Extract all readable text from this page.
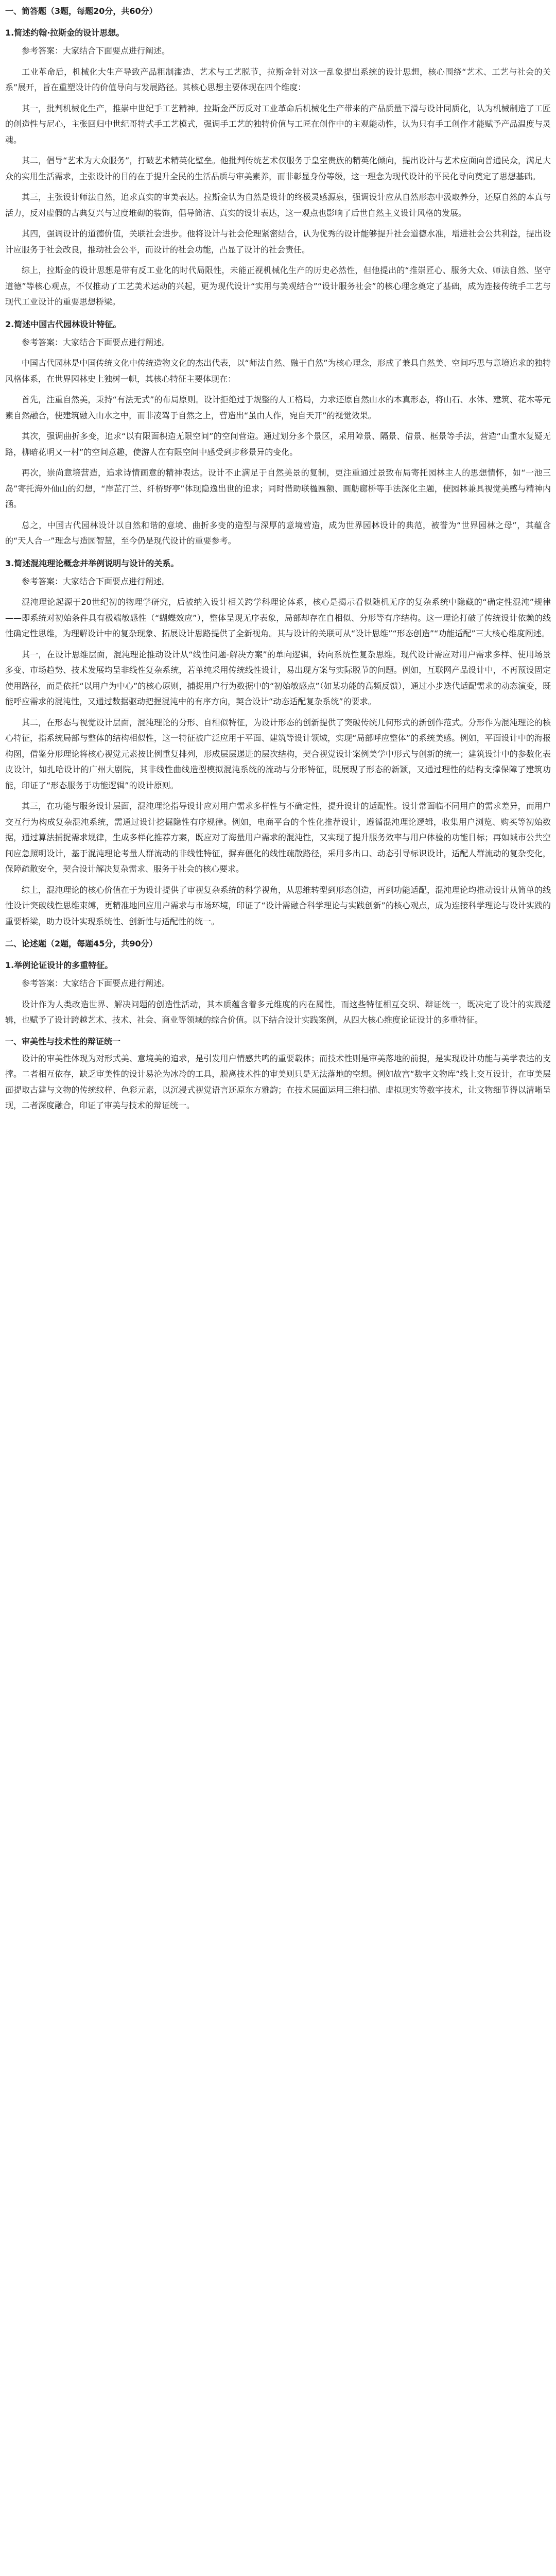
一、简答题（3题，每题20分，共60分）
1.简述约翰·拉斯金的设计思想。

参考答案：大家结合下面要点进行阐述。

工业革命后，机械化大生产导致产品粗制滥造、艺术与工艺脱节，拉斯金针对这一乱象提出系统的设计思想，核心围绕“艺术、工艺与社会的关系”展开，旨在重塑设计的价值导向与发展路径。其核心思想主要体现在四个维度：

其一，批判机械化生产，推崇中世纪手工艺精神。拉斯金严厉反对工业革命后机械化生产带来的产品质量下滑与设计同质化，认为机械制造了工匠的创造性与尼心，主张回归中世纪哥特式手工艺模式，强调手工艺的独特价值与工匠在创作中的主观能动性，认为只有手工创作才能赋予产品温度与灵魂。

其二，倡导“艺术为大众服务”，打破艺术精英化壁垒。他批判传统艺术仅服务于皇室贵族的精英化倾向，提出设计与艺术应面向普通民众，满足大众的实用生活需求，主张设计的目的在于提升全民的生活品质与审美素养，而非彰显身份等级，这一理念为现代设计的平民化导向奠定了思想基础。

其三，主张设计师法自然，追求真实的审美表达。拉斯金认为自然是设计的终极灵感源泉，强调设计应从自然形态中汲取养分，还原自然的本真与活力，反对虚假的古典复兴与过度堆砌的装饰，倡导简洁、真实的设计表达，这一观点也影响了后世自然主义设计风格的发展。

其四，强调设计的道德价值，关联社会进步。他将设计与社会伦理紧密结合，认为优秀的设计能够提升社会道德水准，增进社会公共利益，提出设计应服务于社会改良，推动社会公平，而设计的社会功能，凸显了设计的社会责任。

综上，拉斯金的设计思想是带有反工业化的时代局限性，未能正视机械化生产的历史必然性，但他提出的“推崇匠心、服务大众、师法自然、坚守道德”等核心观点，不仅推动了工艺美术运动的兴起，更为现代设计“实用与美观结合”“设计服务社会”的核心理念奠定了基础，成为连接传统手工艺与现代工业设计的重要思想桥梁。

2.简述中国古代园林设计特征。

参考答案：大家结合下面要点进行阐述。

中国古代园林是中国传统文化中传统造物文化的杰出代表，以“师法自然、融于自然”为核心理念，形成了兼具自然美、空间巧思与意境追求的独特风格体系，在世界园林史上独树一帜，其核心特征主要体现在：

首先，注重自然美，秉持“有法无式”的布局原则。设计拒绝过于规整的人工格局，力求还原自然山水的本真形态，将山石、水体、建筑、花木等元素自然融合，使建筑融入山水之中，而非凌驾于自然之上，营造出“虽由人作，宛自天开”的视觉效果。

其次，强调曲折多变，追求“以有限面积造无限空间”的空间营造。通过划分多个景区，采用障景、隔景、借景、框景等手法，营造“山重水复疑无路，柳暗花明又一村”的空间意趣，使游人在有限空间中感受到步移景异的变化。

再次，崇尚意境营造，追求诗情画意的精神表达。设计不止满足于自然美景的复制，更注重通过景致布局寄托园林主人的思想情怀，如“一池三岛”寄托海外仙山的幻想，“岸芷汀兰、纤桥野亭”体现隐逸出世的追求；同时借助联楹匾额、画舫廊桥等手法深化主题，使园林兼具视觉美感与精神内涵。

总之，中国古代园林设计以自然和谐的意境、曲折多变的造型与深厚的意境营造，成为世界园林设计的典范，被誉为“世界园林之母”，其蕴含的“天人合一”理念与造园智慧，至今仍是现代设计的重要参考。

3.简述混沌理论概念并举例说明与设计的关系。

参考答案：大家结合下面要点进行阐述。

混沌理论起源于20世纪初的物理学研究，后被纳入设计相关跨学科理论体系，核心是揭示看似随机无序的复杂系统中隐藏的“确定性混沌”规律——即系统对初始条件具有极端敏感性（“蝴蝶效应”），整体呈现无序表象，局部却存在自相似、分形等有序结构。这一理论打破了传统设计依赖的线性确定性思维，为理解设计中的复杂现象、拓展设计思路提供了全新视角。其与设计的关联可从“设计思维”“形态创造”“功能适配”三大核心维度阐述。

其一，在设计思维层面，混沌理论推动设计从“线性问题-解决方案”的单向逻辑，转向系统性复杂思维。现代设计需应对用户需求多样、使用场景多变、市场趋势、技术发展均呈非线性复杂系统，若单纯采用传统线性设计，易出现方案与实际脱节的问题。例如，互联网产品设计中，不再预设固定使用路径，而是依托“以用户为中心”的核心原则，捕捉用户行为数据中的“初始敏感点”（如某功能的高频反馈），通过小步迭代适配需求的动态演变，既能呼应需求的混沌性，又通过数据驱动把握混沌中的有序方向，契合设计“动态适配复杂系统”的要求。

其二，在形态与视觉设计层面，混沌理论的分形、自相似特征，为设计形态的创新提供了突破传统几何形式的新创作范式。分形作为混沌理论的核心特征，指系统局部与整体的结构相似性，这一特征被广泛应用于平面、建筑等设计领域，实现“局部呼应整体”的系统美感。例如，平面设计中的海报构图，借鉴分形理论将核心视觉元素按比例重复排列，形成层层递进的层次结构，契合视觉设计案例美学中形式与创新的统一；建筑设计中的参数化表皮设计，如扎哈设计的广州大剧院，其非线性曲线造型模拟混沌系统的流动与分形特征，既展现了形态的新颖，又通过理性的结构支撑保障了建筑功能，印证了“形态服务于功能逻辑”的设计原则。

其三，在功能与服务设计层面，混沌理论指导设计应对用户需求多样性与不确定性，提升设计的适配性。设计常面临不同用户的需求差异，而用户交互行为构成复杂混沌系统，需通过设计挖掘隐性有序规律。例如，电商平台的个性化推荐设计，遵循混沌理论逻辑，收集用户浏览、购买等初始数据，通过算法捕捉需求规律，生成多样化推荐方案，既应对了海量用户需求的混沌性，又实现了提升服务效率与用户体验的功能目标；再如城市公共空间应急照明设计，基于混沌理论考量人群流动的非线性特征，摒弃僵化的线性疏散路径，采用多出口、动态引导标识设计，适配人群流动的复杂变化，保障疏散安全，契合设计解决复杂需求、服务于社会的核心要求。

综上，混沌理论的核心价值在于为设计提供了审视复杂系统的科学视角，从思维转型到形态创造，再到功能适配，混沌理论均推动设计从简单的线性设计突破线性思维束缚，更精准地回应用户需求与市场环境，印证了“设计需融合科学理论与实践创新”的核心观点，成为连接科学理论与设计实践的重要桥梁，助力设计实现系统性、创新性与适配性的统一。

二、论述题（2题，每题45分，共90分）
1.举例论证设计的多重特征。

参考答案：大家结合下面要点进行阐述。

设计作为人类改造世界、解决问题的创造性活动，其本质蕴含着多元维度的内在属性，而这些特征相互交织、辩证统一，既决定了设计的实践逻辑，也赋予了设计跨越艺术、技术、社会、商业等领域的综合价值。以下结合设计实践案例，从四大核心维度论证设计的多重特征。

一、审美性与技术性的辩证统一

设计的审美性体现为对形式美、意境美的追求，是引发用户情感共鸣的重要载体；而技术性则是审美落地的前提，是实现设计功能与美学表达的支撑。二者相互依存，缺乏审美性的设计易沦为冰冷的工具，脱离技术性的审美则只是无法落地的空想。例如故宫“数字文物库”线上交互设计，在审美层面提取古建与文物的传统纹样、色彩元素，以沉浸式视觉语言还原东方雅韵；在技术层面运用三维扫描、虚拟现实等数字技术，让文物细节得以清晰呈现，二者深度融合，印证了审美与技术的辩证统一。
